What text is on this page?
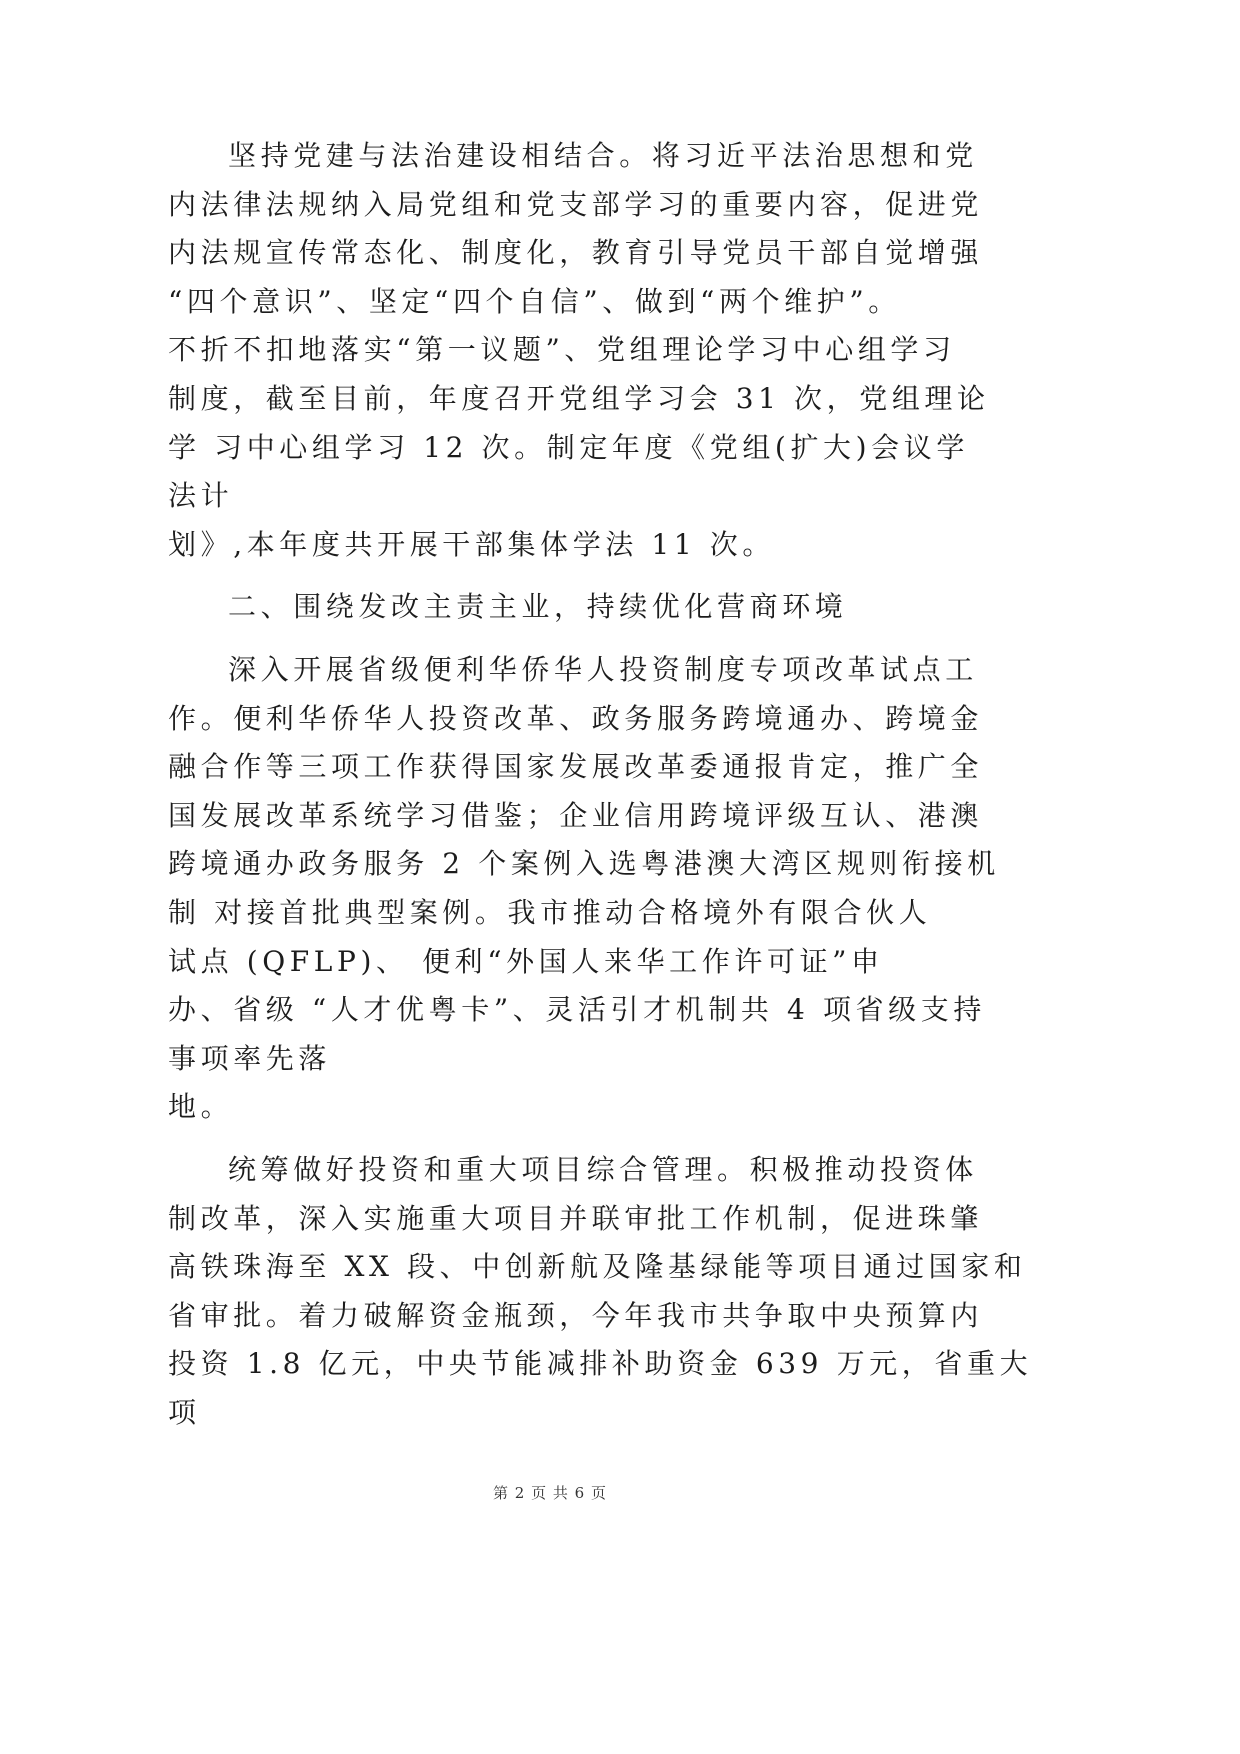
坚持党建与法治建设相结合。将习近平法治思想和党
内法律法规纳入局党组和党支部学习的重要内容，促进党
内法规宣传常态化、制度化，教育引导党员干部自觉增强
“四个意识”、坚定“四个自信”、做到“两个维护”。
不折不扣地落实“第一议题”、党组理论学习中心组学习
制度，截至目前，年度召开党组学习会 31 次，党组理论
学 习中心组学习 12 次。制定年度《党组(扩大)会议学
法计
划》,本年度共开展干部集体学法 11 次。
二、围绕发改主责主业，持续优化营商环境
深入开展省级便利华侨华人投资制度专项改革试点工
作。便利华侨华人投资改革、政务服务跨境通办、跨境金
融合作等三项工作获得国家发展改革委通报肯定，推广全
国发展改革系统学习借鉴；企业信用跨境评级互认、港澳
跨境通办政务服务 2 个案例入选粤港澳大湾区规则衔接机
制 对接首批典型案例。我市推动合格境外有限合伙人
试点 (QFLP)、 便利“外国人来华工作许可证”申
办、省级 “人才优粤卡”、灵活引才机制共 4 项省级支持
事项率先落
地。
统筹做好投资和重大项目综合管理。积极推动投资体
制改革，深入实施重大项目并联审批工作机制，促进珠肇
高铁珠海至 XX 段、中创新航及隆基绿能等项目通过国家和
省审批。着力破解资金瓶颈，今年我市共争取中央预算内
投资 1.8 亿元，中央节能减排补助资金 639 万元，省重大
项
第 2 页 共 6 页
